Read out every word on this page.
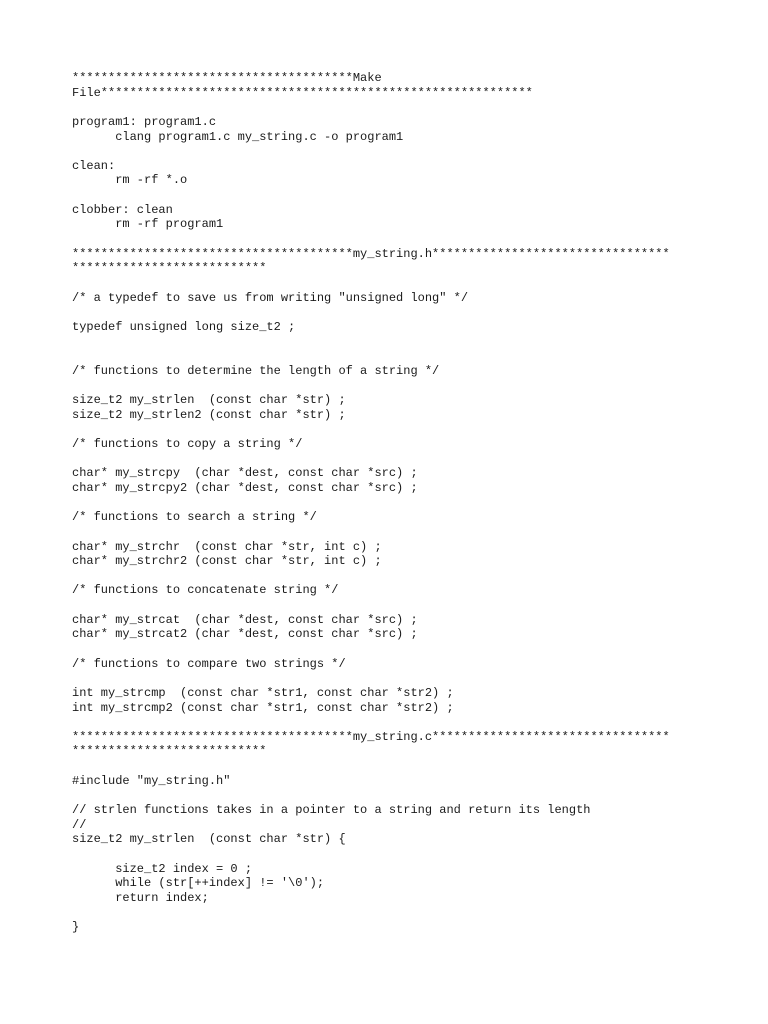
***************************************Make
File************************************************************
program1: program1.c
clang program1.c my_string.c -o program1
clean:
rm -rf *.o
clobber: clean
rm -rf program1
***************************************my_string.h*********************************
***************************
/* a typedef to save us from writing "unsigned long" */
typedef unsigned long size_t2 ;
/* functions to determine the length of a string */
size_t2 my_strlen  (const char *str) ;
size_t2 my_strlen2 (const char *str) ;
/* functions to copy a string */
char* my_strcpy  (char *dest, const char *src) ;
char* my_strcpy2 (char *dest, const char *src) ;
/* functions to search a string */
char* my_strchr  (const char *str, int c) ;
char* my_strchr2 (const char *str, int c) ;
/* functions to concatenate string */
char* my_strcat  (char *dest, const char *src) ;
char* my_strcat2 (char *dest, const char *src) ;
/* functions to compare two strings */
int my_strcmp  (const char *str1, const char *str2) ;
int my_strcmp2 (const char *str1, const char *str2) ;
***************************************my_string.c*********************************
***************************
#include "my_string.h"
// strlen functions takes in a pointer to a string and return its length
//
size_t2 my_strlen  (const char *str) {
size_t2 index = 0 ;
while (str[++index] != '\0');
return index;
}
